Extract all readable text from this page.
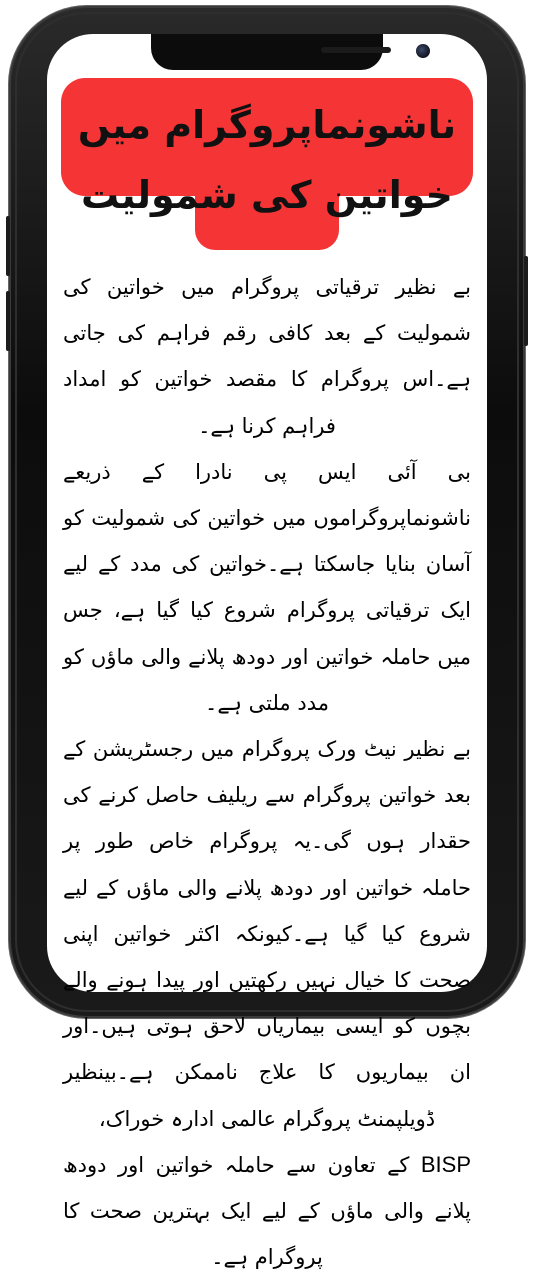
ناشونماپروگرام میں خواتین کی شمولیت

بے نظیر ترقیاتی پروگرام میں خواتین کی شمولیت کے بعد کافی رقم فراہم کی جاتی ہے۔اس پروگرام کا مقصد خواتین کو امداد فراہم کرنا ہے۔

بی آئی ایس پی نادرا کے ذریعے ناشونماپروگراموں میں خواتین کی شمولیت کو آسان بنایا جاسکتا ہے۔خواتین کی مدد کے لیے ایک ترقیاتی پروگرام شروع کیا گیا ہے، جس میں حاملہ خواتین اور دودھ پلانے والی ماؤں کو مدد ملتی ہے۔

بے نظیر نیٹ ورک پروگرام میں رجسٹریشن کے بعد خواتین پروگرام سے ریلیف حاصل کرنے کی حقدار ہوں گی۔یہ پروگرام خاص طور پر حاملہ خواتین اور دودھ پلانے والی ماؤں کے لیے شروع کیا گیا ہے۔کیونکہ اکثر خواتین اپنی صحت کا خیال نہیں رکھتیں اور پیدا ہونے والے بچوں کو ایسی بیماریاں لاحق ہوتی ہیں۔اور ان بیماریوں کا علاج ناممکن ہے۔بینظیر ڈویلپمنٹ پروگرام عالمی ادارہ خوراک،

BISP کے تعاون سے حاملہ خواتین اور دودھ پلانے والی ماؤں کے لیے ایک بہترین صحت کا پروگرام ہے۔
